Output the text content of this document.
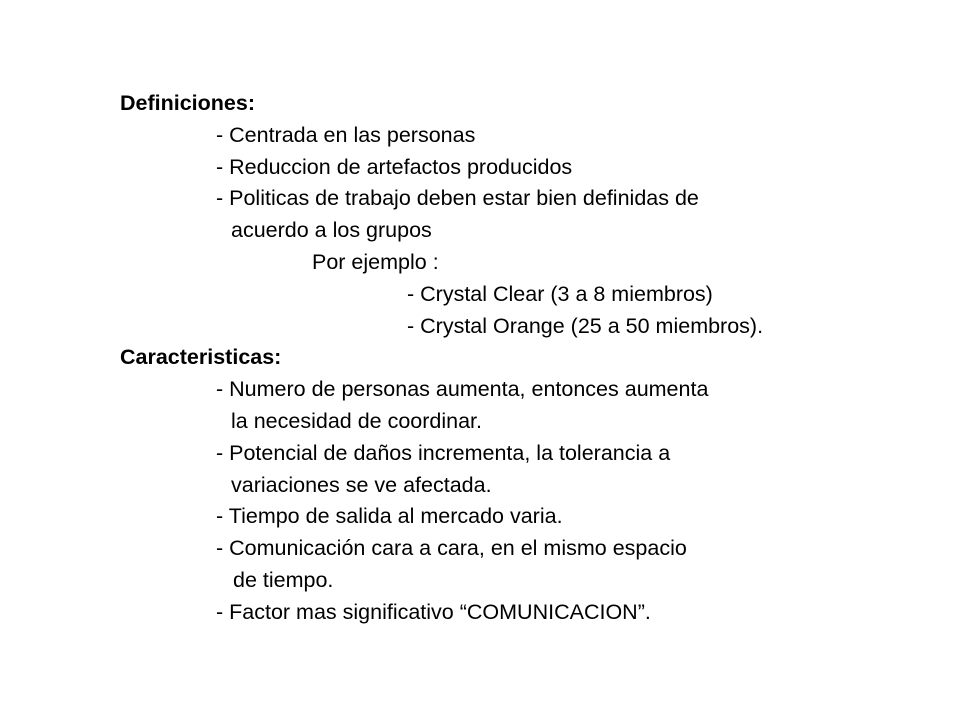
Definiciones:
- Centrada en las personas
- Reduccion de artefactos producidos
- Politicas de trabajo deben estar bien definidas de
acuerdo a los grupos
Por ejemplo :
- Crystal Clear (3 a 8 miembros)
- Crystal Orange (25 a 50 miembros).
Caracteristicas:
- Numero de personas aumenta, entonces aumenta
la necesidad de coordinar.
- Potencial de daños incrementa, la tolerancia a
variaciones se ve afectada.
- Tiempo de salida al mercado varia.
- Comunicación cara a cara, en el mismo espacio
de tiempo.
- Factor mas significativo “COMUNICACION”.
